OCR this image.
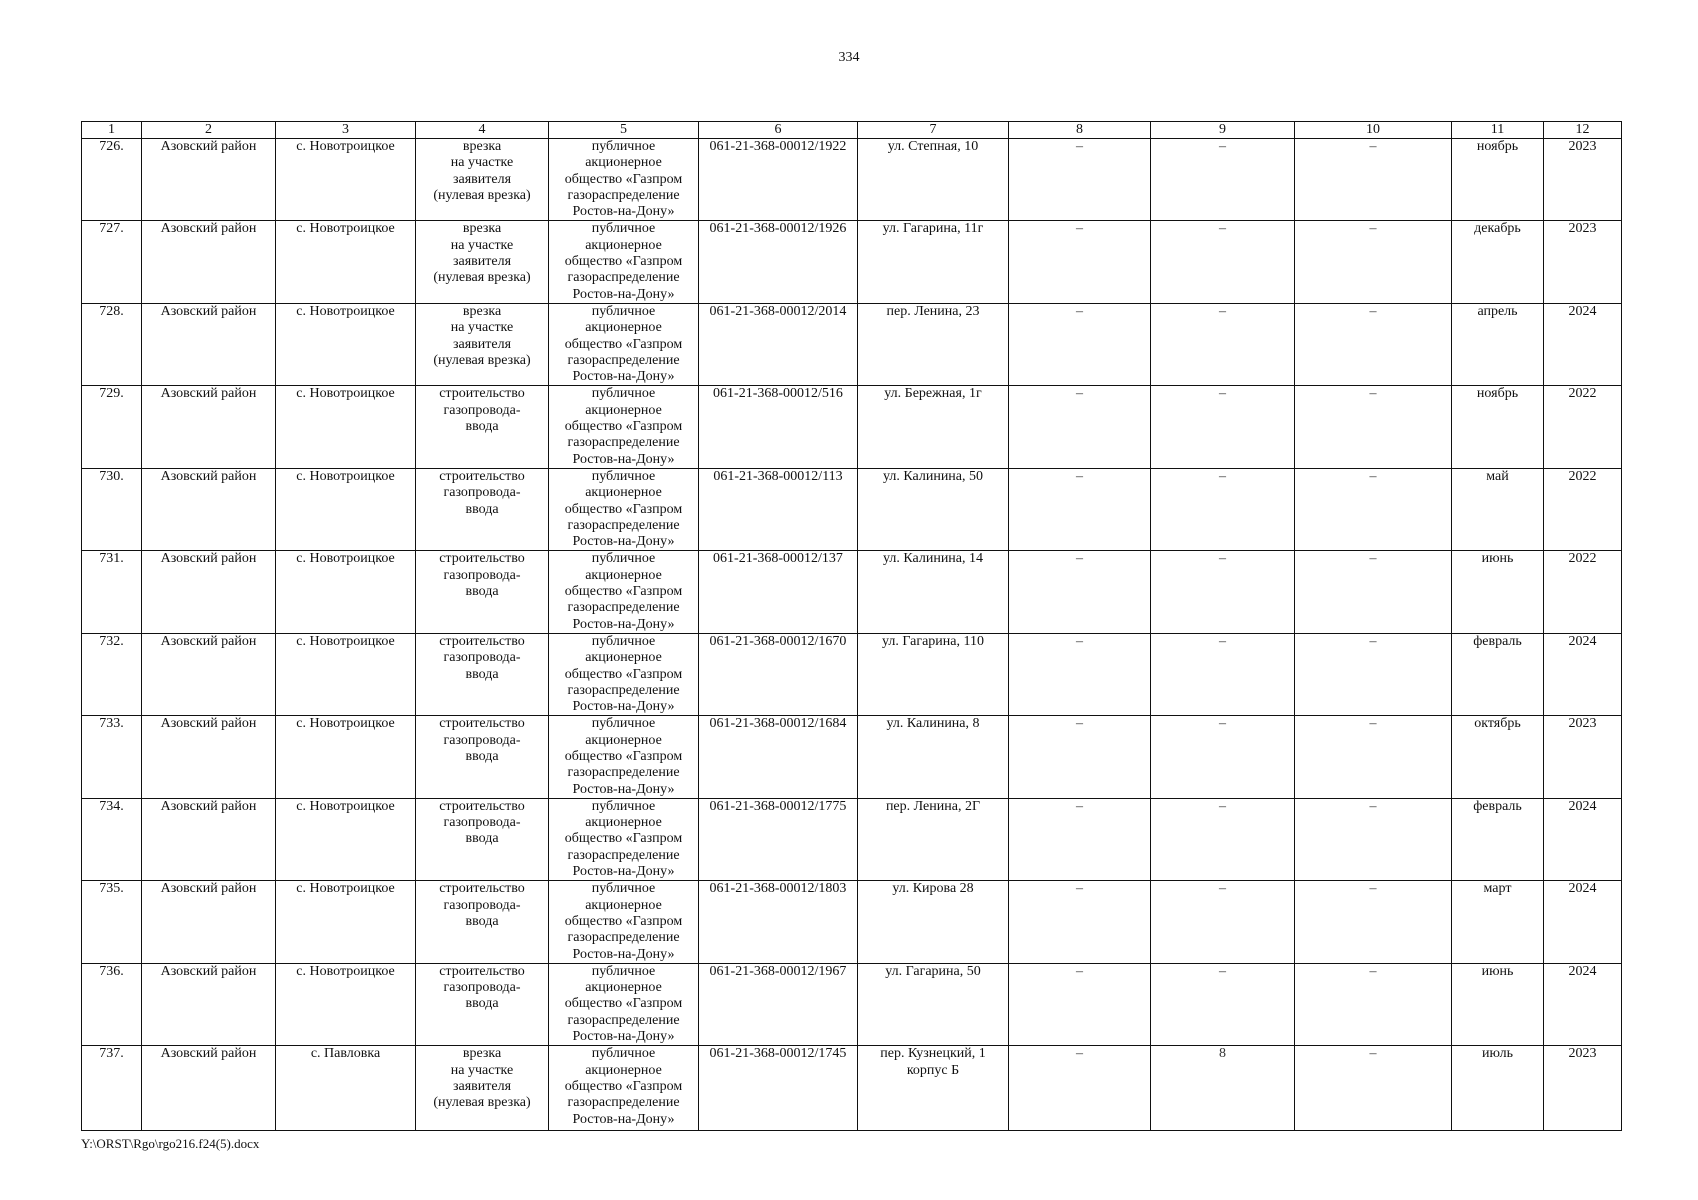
334
1	2	3	4	5	6	7	8	9	10	11	12
726.	Азовский район	с. Новотроицкое	врезка
на участке
заявителя
(нулевая врезка)	публичное
акционерное
общество «Газпром
газораспределение
Ростов-на-Дону»	061-21-368-00012/1922	ул. Степная, 10	–	–	–	ноябрь	2023
727.	Азовский район	с. Новотроицкое	врезка
на участке
заявителя
(нулевая врезка)	публичное
акционерное
общество «Газпром
газораспределение
Ростов-на-Дону»	061-21-368-00012/1926	ул. Гагарина, 11г	–	–	–	декабрь	2023
728.	Азовский район	с. Новотроицкое	врезка
на участке
заявителя
(нулевая врезка)	публичное
акционерное
общество «Газпром
газораспределение
Ростов-на-Дону»	061-21-368-00012/2014	пер. Ленина, 23	–	–	–	апрель	2024
729.	Азовский район	с. Новотроицкое	строительство
газопровода-
ввода	публичное
акционерное
общество «Газпром
газораспределение
Ростов-на-Дону»	061-21-368-00012/516	ул. Бережная, 1г	–	–	–	ноябрь	2022
730.	Азовский район	с. Новотроицкое	строительство
газопровода-
ввода	публичное
акционерное
общество «Газпром
газораспределение
Ростов-на-Дону»	061-21-368-00012/113	ул. Калинина, 50	–	–	–	май	2022
731.	Азовский район	с. Новотроицкое	строительство
газопровода-
ввода	публичное
акционерное
общество «Газпром
газораспределение
Ростов-на-Дону»	061-21-368-00012/137	ул. Калинина, 14	–	–	–	июнь	2022
732.	Азовский район	с. Новотроицкое	строительство
газопровода-
ввода	публичное
акционерное
общество «Газпром
газораспределение
Ростов-на-Дону»	061-21-368-00012/1670	ул. Гагарина, 110	–	–	–	февраль	2024
733.	Азовский район	с. Новотроицкое	строительство
газопровода-
ввода	публичное
акционерное
общество «Газпром
газораспределение
Ростов-на-Дону»	061-21-368-00012/1684	ул. Калинина, 8	–	–	–	октябрь	2023
734.	Азовский район	с. Новотроицкое	строительство
газопровода-
ввода	публичное
акционерное
общество «Газпром
газораспределение
Ростов-на-Дону»	061-21-368-00012/1775	пер. Ленина, 2Г	–	–	–	февраль	2024
735.	Азовский район	с. Новотроицкое	строительство
газопровода-
ввода	публичное
акционерное
общество «Газпром
газораспределение
Ростов-на-Дону»	061-21-368-00012/1803	ул. Кирова 28	–	–	–	март	2024
736.	Азовский район	с. Новотроицкое	строительство
газопровода-
ввода	публичное
акционерное
общество «Газпром
газораспределение
Ростов-на-Дону»	061-21-368-00012/1967	ул. Гагарина, 50	–	–	–	июнь	2024
737.	Азовский район	с. Павловка	врезка
на участке
заявителя
(нулевая врезка)	публичное
акционерное
общество «Газпром
газораспределение
Ростов-на-Дону»	061-21-368-00012/1745	пер. Кузнецкий, 1
корпус Б	–	8	–	июль	2023
Y:\ORST\Rgo\rgo216.f24(5).docx
